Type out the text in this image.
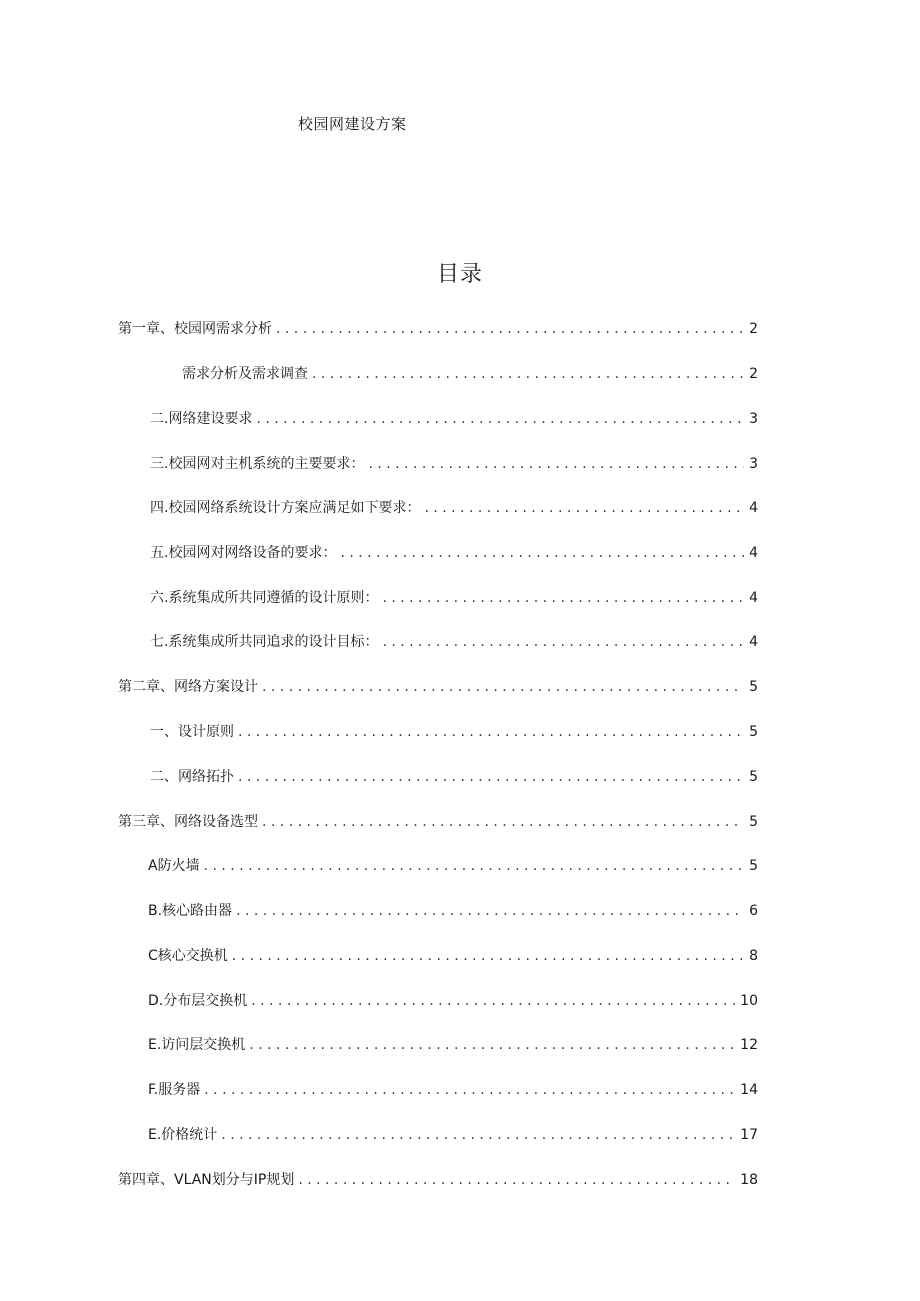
校园网建设方案
目录
第一章、校园网需求分析 . . .	2
需求分析及需求调查 . . .	2
二 .网络建设要求 . . .	3
三 .校园网对主机系统的主要要求： . . .	3
四 .校园网络系统设计方案应满足如下要求： . . .	4
五 .校园网对网络设备的要求： . . .	4
六 .系统集成所共同遵循的设计原则： . . .	4
七 .系统集成所共同追求的设计目标： . . .	4
第二章、网络方案设计 . . .	5
一、设计原则 . . .	5
二、网络拓扑 . . .	5
第三章、网络设备选型 . . .	5
A防火墙 . . .	5
B.核心路由器 . . .	6
C核心交换机 . . .	8
D.分布层交换机 . . .	10
E.访问层交换机 . . .	12
F.服务器 . . .	14
E.价格统计 . . .	17
第四章、VLAN划分与IP规划 . . .	18
